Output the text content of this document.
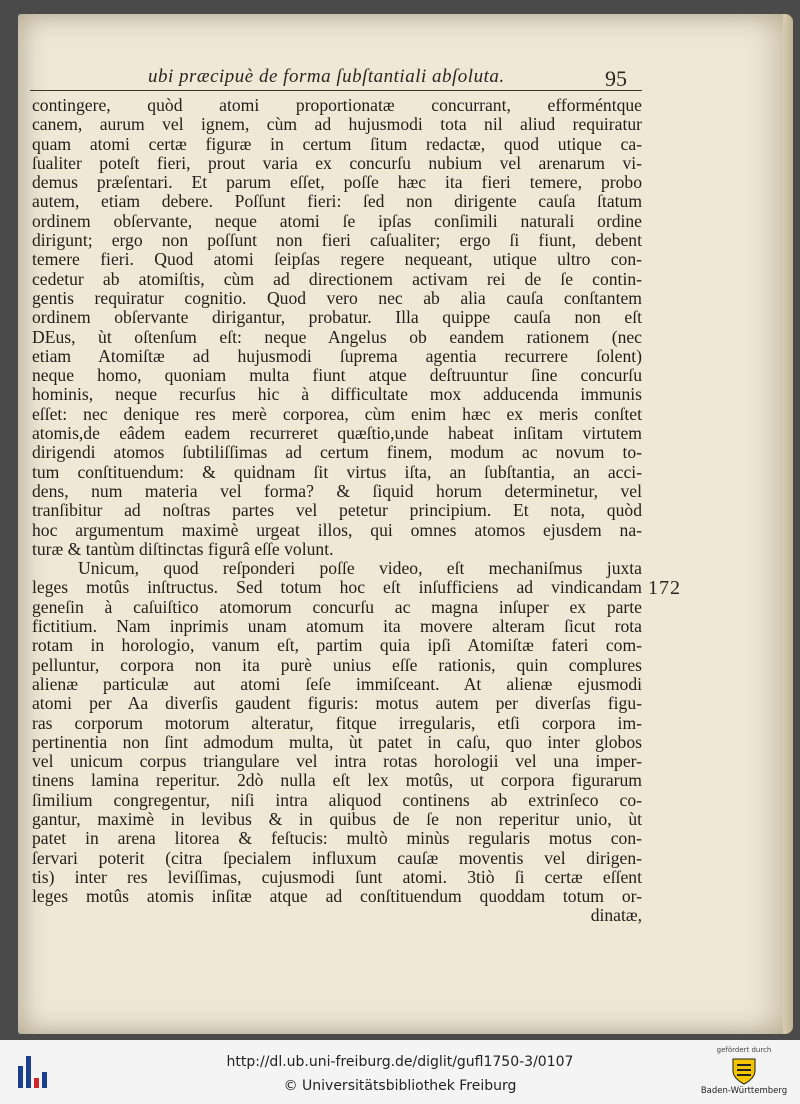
ubi præcipuè de forma ſubſtantiali abſoluta.	95
contingere, quòd atomi proportionatæ concurrant, efforméntque
canem, aurum vel ignem, cùm ad hujusmodi tota nil aliud requiratur
quam atomi certæ figuræ in certum ſitum redactæ, quod utique ca-
ſualiter poteſt fieri, prout varia ex concurſu nubium vel arenarum vi-
demus præſentari. Et parum eſſet, poſſe hæc ita fieri temere, probo
autem, etiam debere. Poſſunt fieri: ſed non dirigente cauſa ſtatum
ordinem obſervante, neque atomi ſe ipſas conſimili naturali ordine
dirigunt; ergo non poſſunt non fieri caſualiter; ergo ſi fiunt, debent
temere fieri. Quod atomi ſeipſas regere nequeant, utique ultro con-
cedetur ab atomiſtis, cùm ad directionem activam rei de ſe contin-
gentis requiratur cognitio. Quod vero nec ab alia cauſa conſtantem
ordinem obſervante dirigantur, probatur. Illa quippe cauſa non eſt
DEus, ùt oſtenſum eſt: neque Angelus ob eandem rationem (nec
etiam Atomiſtæ ad hujusmodi ſuprema agentia recurrere ſolent)
neque homo, quoniam multa fiunt atque deſtruuntur ſine concurſu
hominis, neque recurſus hic à difficultate mox adducenda immunis
eſſet: nec denique res merè corporea, cùm enim hæc ex meris conſtet
atomis,de eâdem eadem recurreret quæſtio,unde habeat inſitam virtutem
dirigendi atomos ſubtiliſſimas ad certum finem, modum ac novum to-
tum conſtituendum: & quidnam ſit virtus iſta, an ſubſtantia, an acci-
dens, num materia vel forma? & ſiquid horum determinetur, vel
tranſibitur ad noſtras partes vel petetur principium. Et nota, quòd
hoc argumentum maximè urgeat illos, qui omnes atomos ejusdem na-
turæ & tantùm diſtinctas figurâ eſſe volunt.
Unicum, quod reſponderi poſſe video, eſt mechaniſmus juxta
leges motûs inſtructus. Sed totum hoc eſt inſufficiens ad vindicandam
geneſin à caſuiſtico atomorum concurſu ac magna inſuper ex parte
fictitium. Nam inprimis unam atomum ita movere alteram ſicut rota
rotam in horologio, vanum eſt, partim quia ipſi Atomiſtæ fateri com-
pelluntur, corpora non ita purè unius eſſe rationis, quin complures
alienæ particulæ aut atomi ſeſe immiſceant. At alienæ ejusmodi
atomi per Aa diverſis gaudent figuris: motus autem per diverſas figu-
ras corporum motorum alteratur, fitque irregularis, etſi corpora im-
pertinentia non ſint admodum multa, ùt patet in caſu, quo inter globos
vel unicum corpus triangulare vel intra rotas horologii vel una imper-
tinens lamina reperitur. 2dò nulla eſt lex motûs, ut corpora figurarum
ſimilium congregentur, niſi intra aliquod continens ab extrinſeco co-
gantur, maximè in levibus & in quibus de ſe non reperitur unio, ùt
patet in arena litorea & feſtucis: multò minùs regularis motus con-
ſervari poterit (citra ſpecialem influxum cauſæ moventis vel dirigen-
tis) inter res leviſſimas, cujusmodi ſunt atomi. 3tiò ſi certæ eſſent
leges motûs atomis inſitæ atque ad conſtituendum quoddam totum or-
dinatæ,
172
http://dl.ub.uni-freiburg.de/diglit/gufl1750-3/0107
© Universitätsbibliothek Freiburg
gefördert durch
Baden-Württemberg
